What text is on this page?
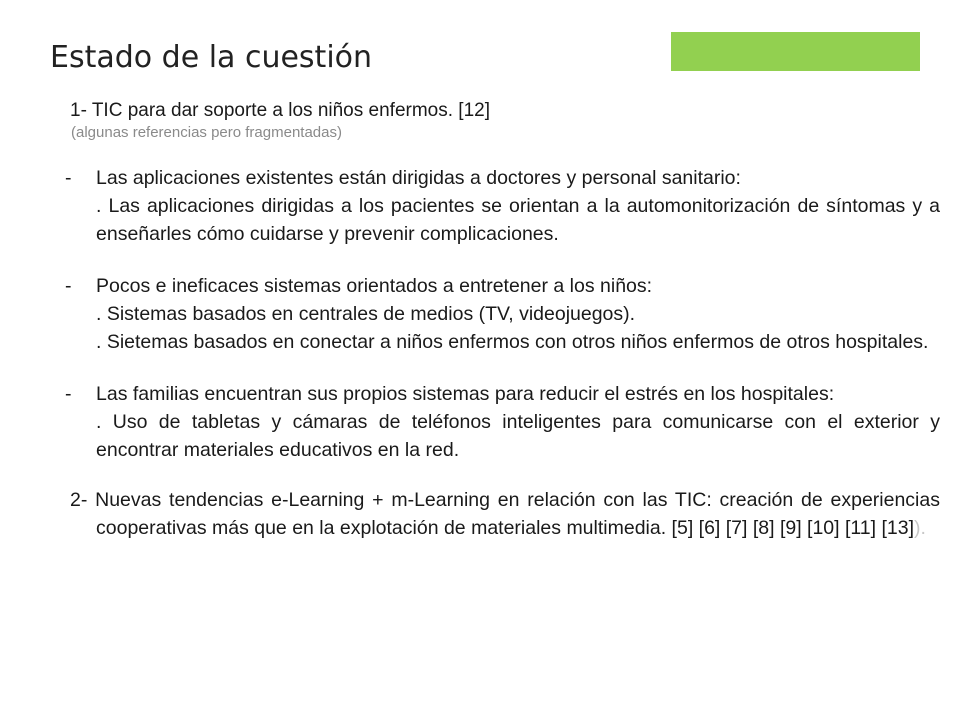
Estado de la cuestión

1- TIC para dar soporte a los niños enfermos. [12]

(algunas referencias pero fragmentadas)

- Las aplicaciones existentes están dirigidas a doctores y personal sanitario:

. Las aplicaciones dirigidas a los pacientes se orientan a la automonitorización de síntomas y a enseñarles cómo cuidarse y prevenir complicaciones.

- Pocos e ineficaces sistemas orientados a entretener a los niños:

. Sistemas basados en centrales de medios (TV, videojuegos).

. Sietemas basados en conectar a niños enfermos con otros niños enfermos de otros hospitales.

- Las familias encuentran sus propios sistemas para reducir el estrés en los hospitales:

. Uso de tabletas y cámaras de teléfonos inteligentes para comunicarse con el exterior y encontrar materiales educativos en la red.

2- Nuevas tendencias e-Learning + m-Learning en relación con las TIC: creación de experiencias cooperativas más que en la explotación de materiales multimedia. [5] [6] [7] [8] [9] [10] [11] [13]).
